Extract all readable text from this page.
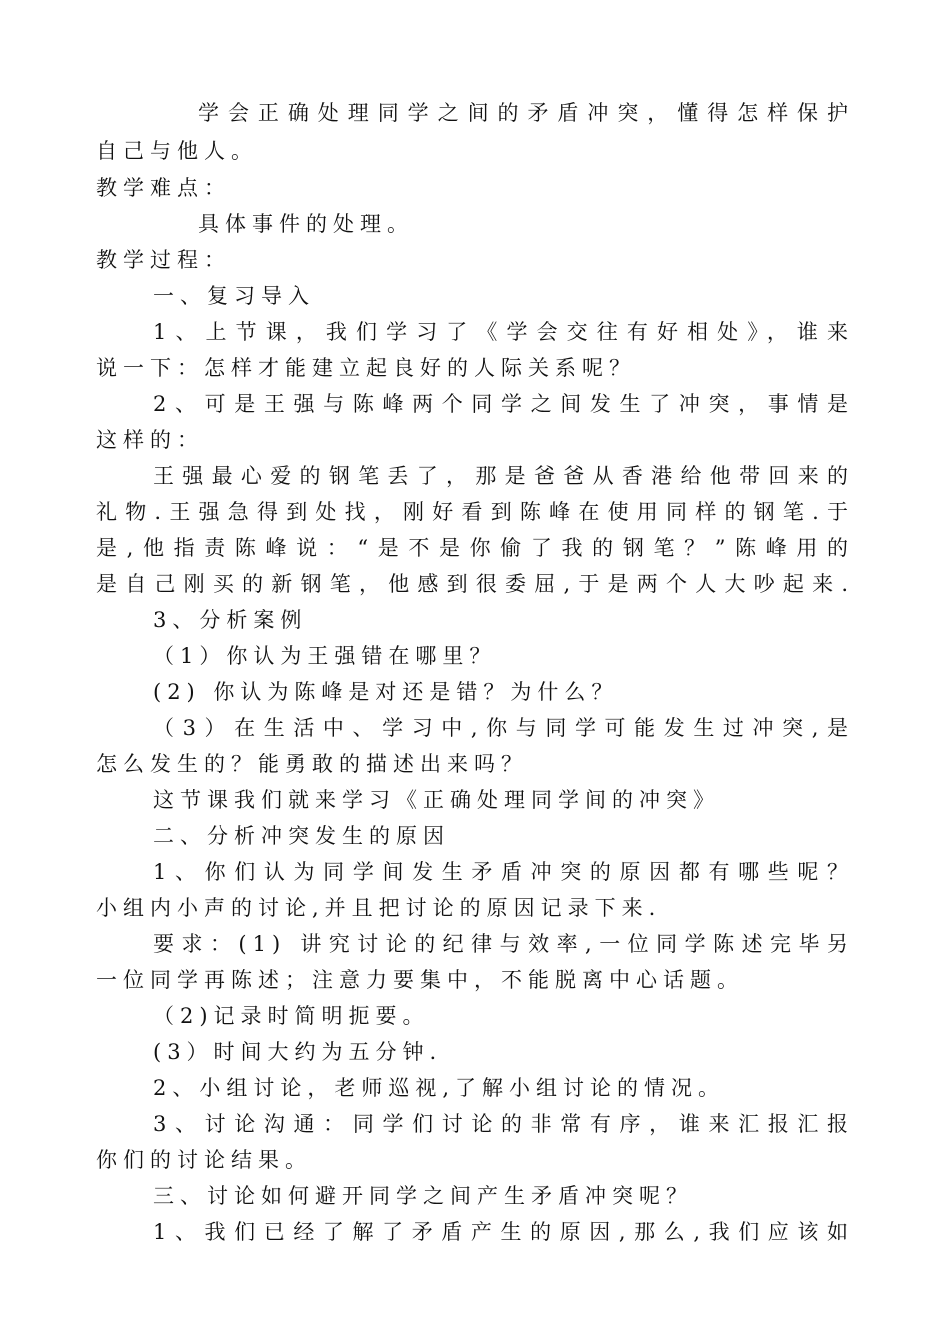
学会正确处理同学之间的矛盾冲突，懂得怎样保护
自己与他人。
教学难点：
具体事件的处理。
教学过程：
一、复习导入
1、上节课，我们学习了《学会交往有好相处》，谁来
说一下：怎样才能建立起良好的人际关系呢？
2、可是王强与陈峰两个同学之间发生了冲突，事情是
这样的：
王强最心爱的钢笔丢了，那是爸爸从香港给他带回来的
礼物.王强急得到处找，刚好看到陈峰在使用同样的钢笔.于
是,他指责陈峰说：“是不是你偷了我的钢笔？”陈峰用的
是自己刚买的新钢笔，他感到很委屈,于是两个人大吵起来.
3、分析案例
（1）你认为王强错在哪里？
(2) 你认为陈峰是对还是错？为什么？
（3）在生活中、学习中,你与同学可能发生过冲突,是
怎么发生的？能勇敢的描述出来吗？
这节课我们就来学习《正确处理同学间的冲突》
二、分析冲突发生的原因
1、你们认为同学间发生矛盾冲突的原因都有哪些呢？
小组内小声的讨论,并且把讨论的原因记录下来.
要求：(1) 讲究讨论的纪律与效率,一位同学陈述完毕另
一位同学再陈述；注意力要集中，不能脱离中心话题。
（2)记录时简明扼要。
(3）时间大约为五分钟.
2、小组讨论，老师巡视,了解小组讨论的情况。
3、讨论沟通：同学们讨论的非常有序，谁来汇报汇报
你们的讨论结果。
三、讨论如何避开同学之间产生矛盾冲突呢？
1、我们已经了解了矛盾产生的原因,那么,我们应该如
